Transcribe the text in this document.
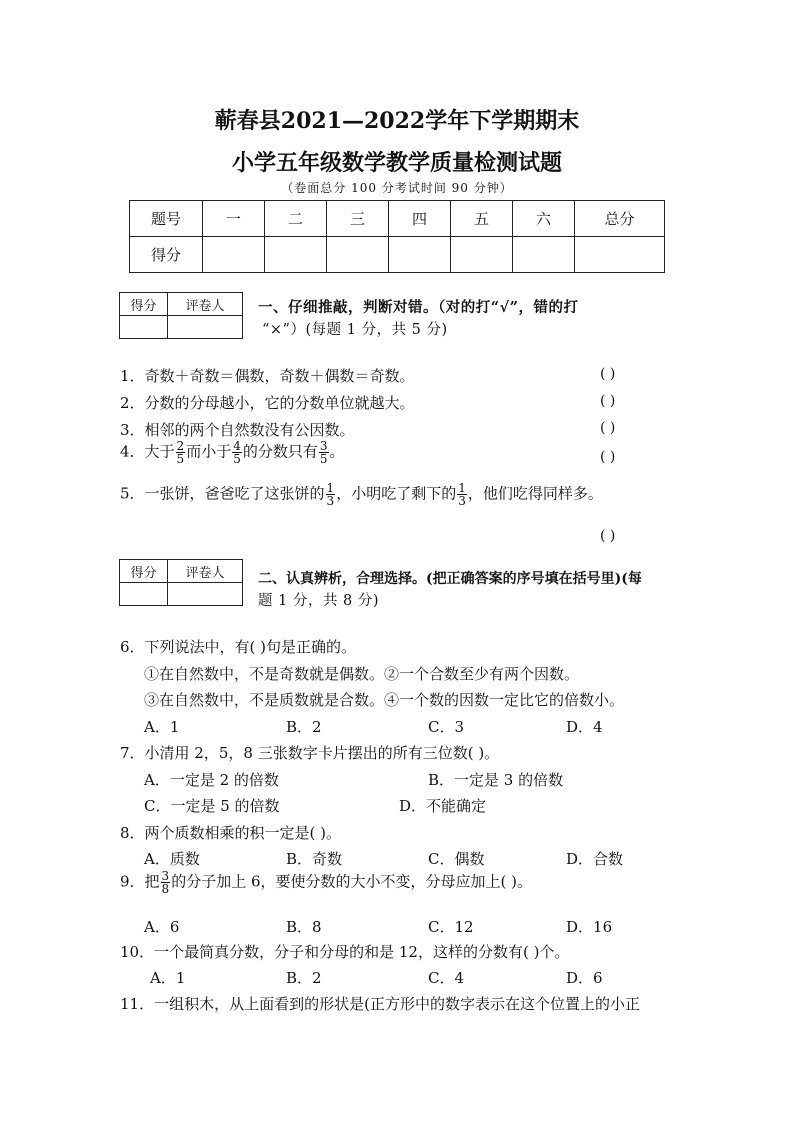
蕲春县2021—2022学年下学期期末
小学五年级数学教学质量检测试题
（卷面总分 100 分考试时间 90 分钟）
题号	一	二	三	四	五	六	总分
得分							
得分	评卷人
	一、仔细推敲，判断对错。（对的打“√”，错的打
“×”）(每题 1 分，共 5 分)
1．奇数＋奇数＝偶数，奇数＋偶数＝奇数。	( )
2．分数的分母越小，它的分数单位就越大。	( )
3．相邻的两个自然数没有公因数。	( )
4．大于 $\frac{2}{5}$ 而小于 $\frac{4}{5}$ 的分数只有 $\frac{3}{5}$ 。	( )
5．一张饼，爸爸吃了这张饼的 $\frac{1}{3}$ ，小明吃了剩下的 $\frac{1}{3}$ ，他们吃得同样多。
( )
得分	评卷人
	二、认真辨析，合理选择。(把正确答案的序号填在括号里)(每
题 1 分，共 8 分)
6．下列说法中，有( )句是正确的。
①在自然数中，不是奇数就是偶数。②一个合数至少有两个因数。
③在自然数中，不是质数就是合数。④一个数的因数一定比它的倍数小。
A．1	B．2	C．3	D．4
7．小清用 2，5，8 三张数字卡片摆出的所有三位数( )。
A．一定是 2 的倍数	B．一定是 3 的倍数
C．一定是 5 的倍数	D．不能确定
8．两个质数相乘的积一定是( )。
A．质数	B．奇数	C．偶数	D．合数
9．把 $\frac{3}{8}$ 的分子加上 6，要使分数的大小不变，分母应加上( )。
A．6	B．8	C．12	D．16
10．一个最简真分数，分子和分母的和是 12，这样的分数有( )个。
A．1	B．2	C．4	D．6
11．一组积木，从上面看到的形状是(正方形中的数字表示在这个位置上的小正
